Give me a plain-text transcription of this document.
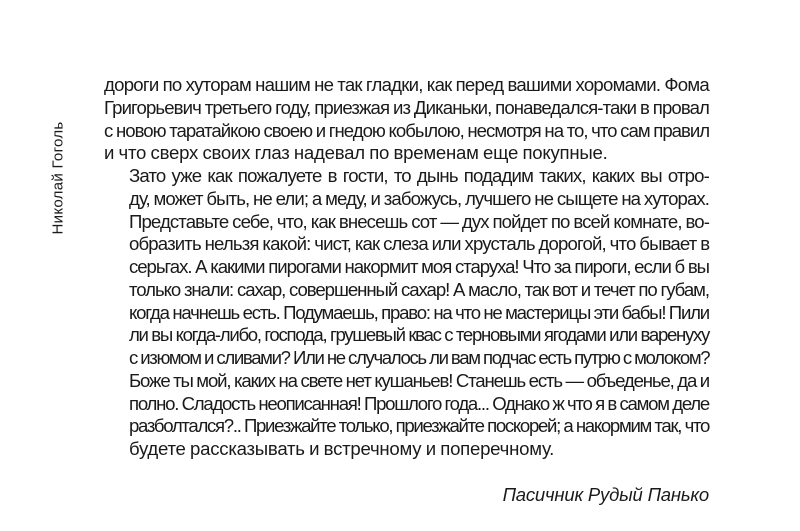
Николай Гоголь

дороги по хуторам нашим не так гладки, как перед вашими хоромами. Фома
Григорьевич третьего году, приезжая из Диканьки, понаведался-таки в провал
с новою таратайкою своею и гнедою кобылою, несмотря на то, что сам правил
и что сверх своих глаз надевал по временам еще покупные.

Зато уже как пожалуете в гости, то дынь подадим таких, каких вы отро-
ду, может быть, не ели; а меду, и забожусь, лучшего не сыщете на хуторах.
Представьте себе, что, как внесешь сот — дух пойдет по всей комнате, во-
образить нельзя какой: чист, как слеза или хрусталь дорогой, что бывает в
серьгах. А какими пирогами накормит моя старуха! Что за пироги, если б вы
только знали: сахар, совершенный сахар! А масло, так вот и течет по губам,
когда начнешь есть. Подумаешь, право: на что не мастерицы эти бабы! Пили
ли вы когда-либо, господа, грушевый квас с терновыми ягодами или варенуху
с изюмом и сливами? Или не случалось ли вам подчас есть путрю с молоком?
Боже ты мой, каких на свете нет кушаньев! Станешь есть — объеденье, да и
полно. Сладость неописанная! Прошлого года... Однако ж что я в самом деле
разболтался?.. Приезжайте только, приезжайте поскорей; а накормим так, что
будете рассказывать и встречному и поперечному.

Пасичник Рудый Панько
